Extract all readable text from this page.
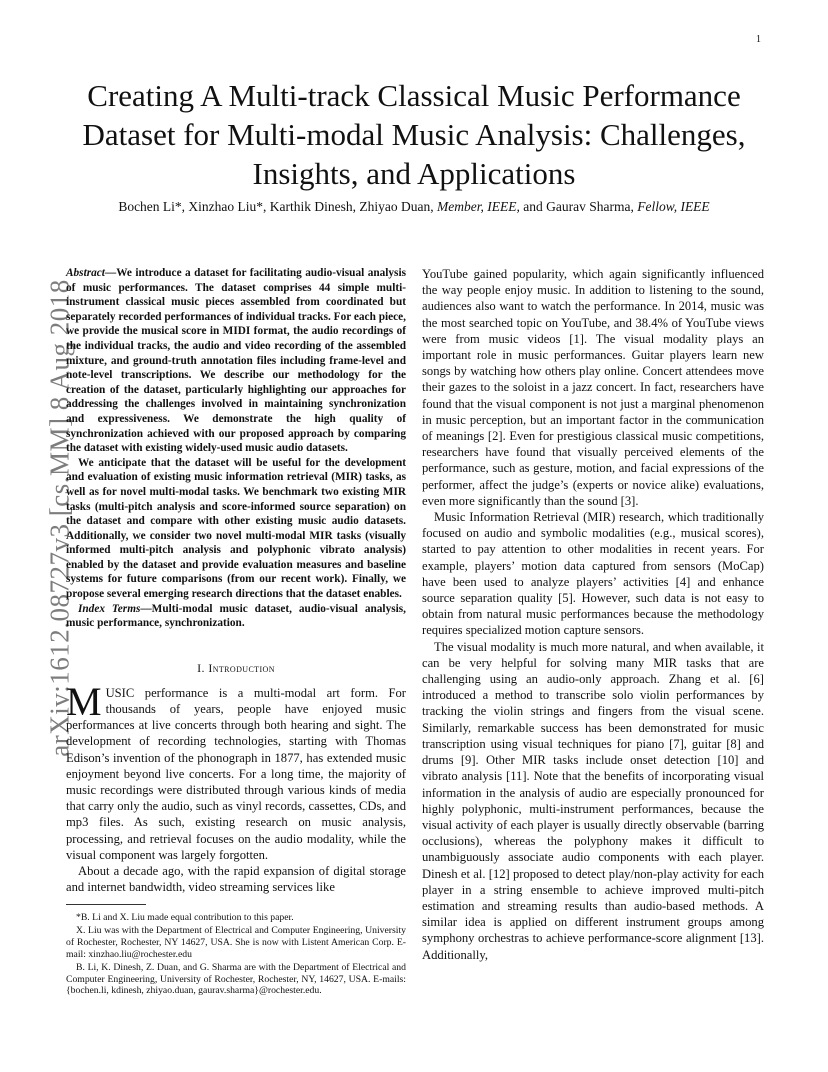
1
arXiv:1612.08727v3 [cs.MM] 8 Aug 2018
Creating A Multi-track Classical Music Performance Dataset for Multi-modal Music Analysis: Challenges, Insights, and Applications
Bochen Li*, Xinzhao Liu*, Karthik Dinesh, Zhiyao Duan, Member, IEEE, and Gaurav Sharma, Fellow, IEEE

Abstract—We introduce a dataset for facilitating audio-visual analysis of music performances. The dataset comprises 44 simple multi-instrument classical music pieces assembled from coordinated but separately recorded performances of individual tracks. For each piece, we provide the musical score in MIDI format, the audio recordings of the individual tracks, the audio and video recording of the assembled mixture, and ground-truth annotation files including frame-level and note-level transcriptions. We describe our methodology for the creation of the dataset, particularly highlighting our approaches for addressing the challenges involved in maintaining synchronization and expressiveness. We demonstrate the high quality of synchronization achieved with our proposed approach by comparing the dataset with existing widely-used music audio datasets.

We anticipate that the dataset will be useful for the development and evaluation of existing music information retrieval (MIR) tasks, as well as for novel multi-modal tasks. We benchmark two existing MIR tasks (multi-pitch analysis and score-informed source separation) on the dataset and compare with other existing music audio datasets. Additionally, we consider two novel multi-modal MIR tasks (visually informed multi-pitch analysis and polyphonic vibrato analysis) enabled by the dataset and provide evaluation measures and baseline systems for future comparisons (from our recent work). Finally, we propose several emerging research directions that the dataset enables.

Index Terms—Multi-modal music dataset, audio-visual analysis, music performance, synchronization.

I. Introduction

MUSIC performance is a multi-modal art form. For thousands of years, people have enjoyed music performances at live concerts through both hearing and sight. The development of recording technologies, starting with Thomas Edison’s invention of the phonograph in 1877, has extended music enjoyment beyond live concerts. For a long time, the majority of music recordings were distributed through various kinds of media that carry only the audio, such as vinyl records, cassettes, CDs, and mp3 files. As such, existing research on music analysis, processing, and retrieval focuses on the audio modality, while the visual component was largely forgotten.

About a decade ago, with the rapid expansion of digital storage and internet bandwidth, video streaming services like

*B. Li and X. Liu made equal contribution to this paper.

X. Liu was with the Department of Electrical and Computer Engineering, University of Rochester, Rochester, NY 14627, USA. She is now with Listent American Corp. E-mail: xinzhao.liu@rochester.edu

B. Li, K. Dinesh, Z. Duan, and G. Sharma are with the Department of Electrical and Computer Engineering, University of Rochester, Rochester, NY, 14627, USA. E-mails: {bochen.li, kdinesh, zhiyao.duan, gaurav.sharma}@rochester.edu.

YouTube gained popularity, which again significantly influenced the way people enjoy music. In addition to listening to the sound, audiences also want to watch the performance. In 2014, music was the most searched topic on YouTube, and 38.4% of YouTube views were from music videos [1]. The visual modality plays an important role in music performances. Guitar players learn new songs by watching how others play online. Concert attendees move their gazes to the soloist in a jazz concert. In fact, researchers have found that the visual component is not just a marginal phenomenon in music perception, but an important factor in the communication of meanings [2]. Even for prestigious classical music competitions, researchers have found that visually perceived elements of the performance, such as gesture, motion, and facial expressions of the performer, affect the judge’s (experts or novice alike) evaluations, even more significantly than the sound [3].

Music Information Retrieval (MIR) research, which traditionally focused on audio and symbolic modalities (e.g., musical scores), started to pay attention to other modalities in recent years. For example, players’ motion data captured from sensors (MoCap) have been used to analyze players’ activities [4] and enhance source separation quality [5]. However, such data is not easy to obtain from natural music performances because the methodology requires specialized motion capture sensors.

The visual modality is much more natural, and when available, it can be very helpful for solving many MIR tasks that are challenging using an audio-only approach. Zhang et al. [6] introduced a method to transcribe solo violin performances by tracking the violin strings and fingers from the visual scene. Similarly, remarkable success has been demonstrated for music transcription using visual techniques for piano [7], guitar [8] and drums [9]. Other MIR tasks include onset detection [10] and vibrato analysis [11]. Note that the benefits of incorporating visual information in the analysis of audio are especially pronounced for highly polyphonic, multi-instrument performances, because the visual activity of each player is usually directly observable (barring occlusions), whereas the polyphony makes it difficult to unambiguously associate audio components with each player. Dinesh et al. [12] proposed to detect play/non-play activity for each player in a string ensemble to achieve improved multi-pitch estimation and streaming results than audio-based methods. A similar idea is applied on different instrument groups among symphony orchestras to achieve performance-score alignment [13]. Additionally,
